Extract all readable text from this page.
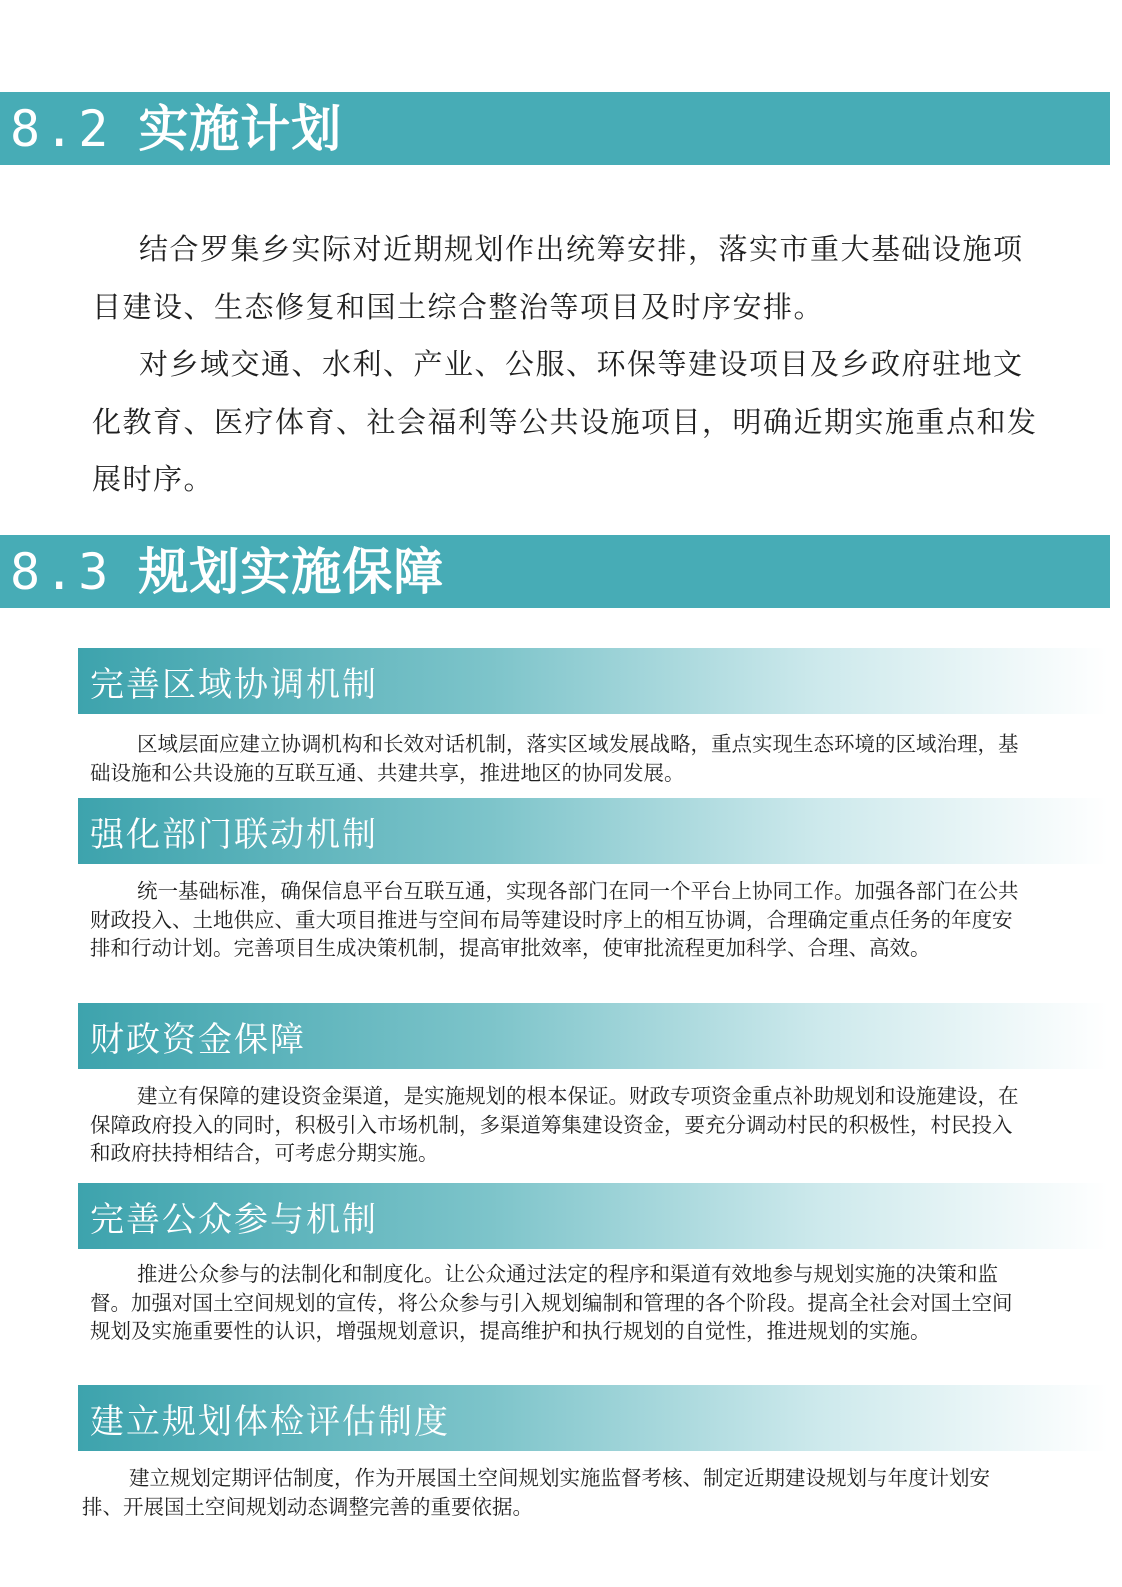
8.2 实施计划

结合罗集乡实际对近期规划作出统筹安排，落实市重大基础设施项目建设、生态修复和国土综合整治等项目及时序安排。

对乡域交通、水利、产业、公服、环保等建设项目及乡政府驻地文化教育、医疗体育、社会福利等公共设施项目，明确近期实施重点和发展时序。

8.3 规划实施保障
完善区域协调机制

区域层面应建立协调机构和长效对话机制，落实区域发展战略，重点实现生态环境的区域治理，基础设施和公共设施的互联互通、共建共享，推进地区的协同发展。

强化部门联动机制

统一基础标准，确保信息平台互联互通，实现各部门在同一个平台上协同工作。加强各部门在公共财政投入、土地供应、重大项目推进与空间布局等建设时序上的相互协调，合理确定重点任务的年度安排和行动计划。完善项目生成决策机制，提高审批效率，使审批流程更加科学、合理、高效。

财政资金保障

建立有保障的建设资金渠道，是实施规划的根本保证。财政专项资金重点补助规划和设施建设，在保障政府投入的同时，积极引入市场机制，多渠道筹集建设资金，要充分调动村民的积极性，村民投入和政府扶持相结合，可考虑分期实施。

完善公众参与机制

推进公众参与的法制化和制度化。让公众通过法定的程序和渠道有效地参与规划实施的决策和监督。加强对国土空间规划的宣传，将公众参与引入规划编制和管理的各个阶段。提高全社会对国土空间规划及实施重要性的认识，增强规划意识，提高维护和执行规划的自觉性，推进规划的实施。

建立规划体检评估制度

建立规划定期评估制度，作为开展国土空间规划实施监督考核、制定近期建设规划与年度计划安排、开展国土空间规划动态调整完善的重要依据。
